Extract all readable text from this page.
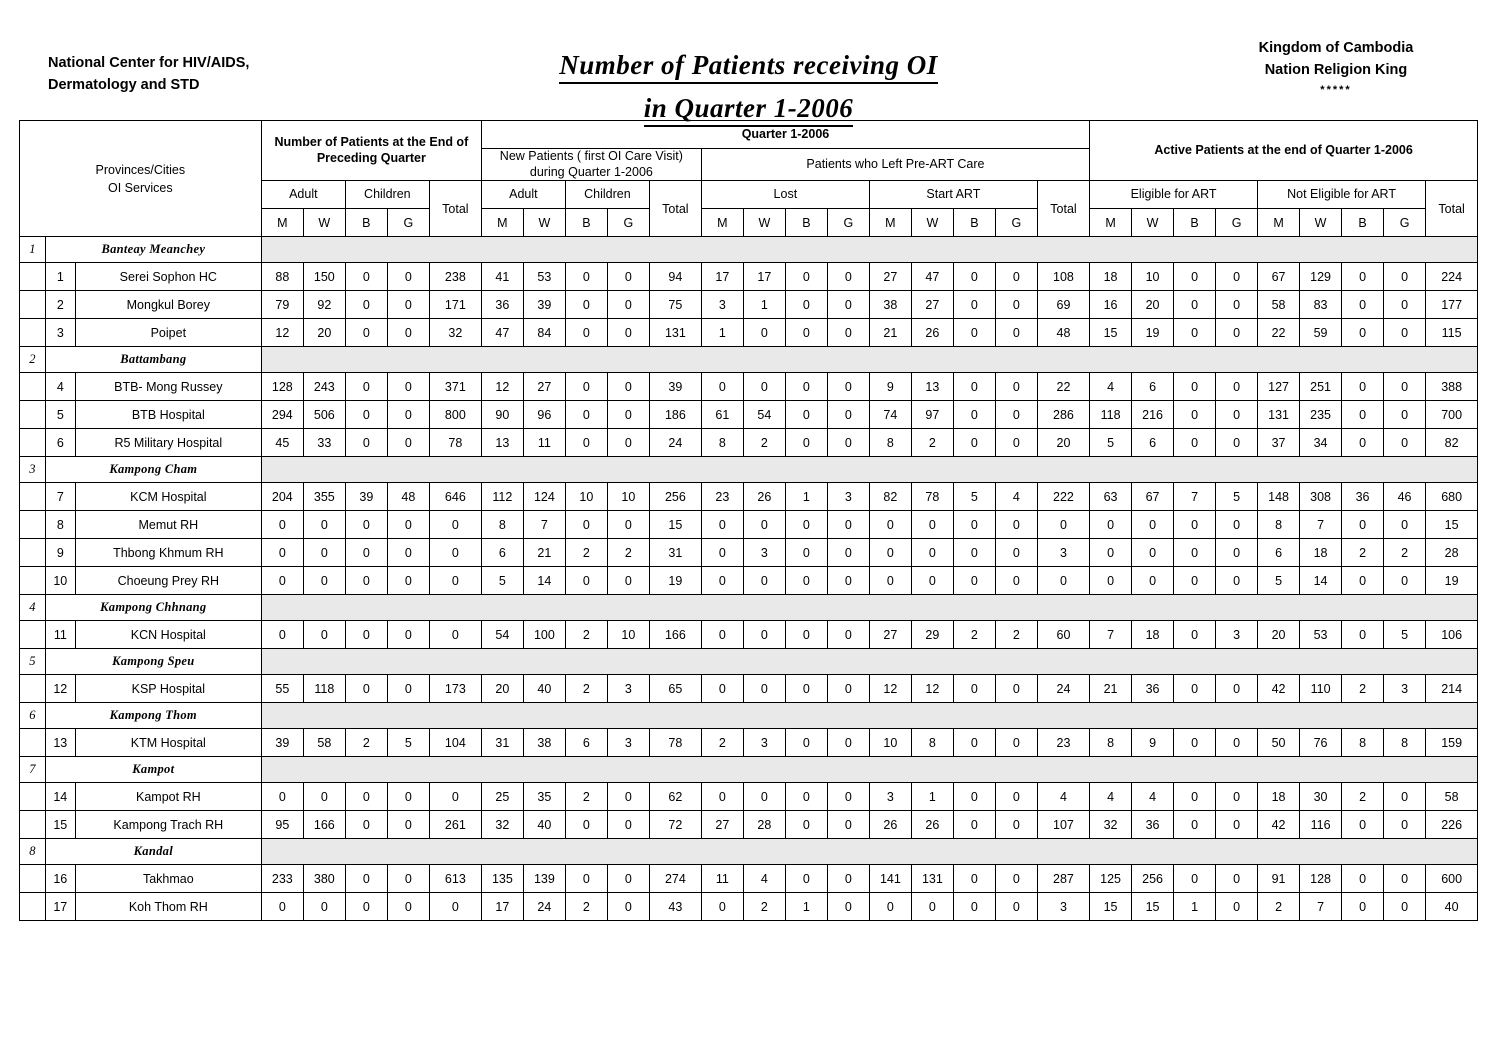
National Center for HIV/AIDS,
Dermatology and STD
Number of Patients receiving OI
in Quarter 1-2006
Kingdom of Cambodia
Nation Religion King
*****
Provinces/Cities
OI Services			Number of Patients at the End of Preceding Quarter					Quarter 1-2006														Active Patients at the end of Quarter 1-2006								
								New Patients ( first OI Care Visit) during Quarter 1-2006					Patients who Left Pre-ART Care																	
			Adult		Children		Total	Adult		Children		Total	Lost				Start ART				Total	Eligible for ART				Not Eligible for ART				Total
			M	W	B	G		M	W	B	G		M	W	B	G	M	W	B	G		M	W	B	G	M	W	B	G	
1	Banteay Meanchey																													
	1	Serei Sophon HC	88	150	0	0	238	41	53	0	0	94	17	17	0	0	27	47	0	0	108	18	10	0	0	67	129	0	0	224
	2	Mongkul Borey	79	92	0	0	171	36	39	0	0	75	3	1	0	0	38	27	0	0	69	16	20	0	0	58	83	0	0	177
	3	Poipet	12	20	0	0	32	47	84	0	0	131	1	0	0	0	21	26	0	0	48	15	19	0	0	22	59	0	0	115
2	Battambang																													
	4	BTB- Mong Russey	128	243	0	0	371	12	27	0	0	39	0	0	0	0	9	13	0	0	22	4	6	0	0	127	251	0	0	388
	5	BTB Hospital	294	506	0	0	800	90	96	0	0	186	61	54	0	0	74	97	0	0	286	118	216	0	0	131	235	0	0	700
	6	R5 Military Hospital	45	33	0	0	78	13	11	0	0	24	8	2	0	0	8	2	0	0	20	5	6	0	0	37	34	0	0	82
3	Kampong Cham																													
	7	KCM Hospital	204	355	39	48	646	112	124	10	10	256	23	26	1	3	82	78	5	4	222	63	67	7	5	148	308	36	46	680
	8	Memut RH	0	0	0	0	0	8	7	0	0	15	0	0	0	0	0	0	0	0	0	0	0	0	0	8	7	0	0	15
	9	Thbong Khmum RH	0	0	0	0	0	6	21	2	2	31	0	3	0	0	0	0	0	0	3	0	0	0	0	6	18	2	2	28
	10	Choeung Prey RH	0	0	0	0	0	5	14	0	0	19	0	0	0	0	0	0	0	0	0	0	0	0	0	5	14	0	0	19
4	Kampong Chhnang																													
	11	KCN Hospital	0	0	0	0	0	54	100	2	10	166	0	0	0	0	27	29	2	2	60	7	18	0	3	20	53	0	5	106
5	Kampong Speu																													
	12	KSP Hospital	55	118	0	0	173	20	40	2	3	65	0	0	0	0	12	12	0	0	24	21	36	0	0	42	110	2	3	214
6	Kampong Thom																													
	13	KTM Hospital	39	58	2	5	104	31	38	6	3	78	2	3	0	0	10	8	0	0	23	8	9	0	0	50	76	8	8	159
7	Kampot																													
	14	Kampot RH	0	0	0	0	0	25	35	2	0	62	0	0	0	0	3	1	0	0	4	4	4	0	0	18	30	2	0	58
	15	Kampong Trach RH	95	166	0	0	261	32	40	0	0	72	27	28	0	0	26	26	0	0	107	32	36	0	0	42	116	0	0	226
8	Kandal																													
	16	Takhmao	233	380	0	0	613	135	139	0	0	274	11	4	0	0	141	131	0	0	287	125	256	0	0	91	128	0	0	600
	17	Koh Thom RH	0	0	0	0	0	17	24	2	0	43	0	2	1	0	0	0	0	0	3	15	15	1	0	2	7	0	0	40
